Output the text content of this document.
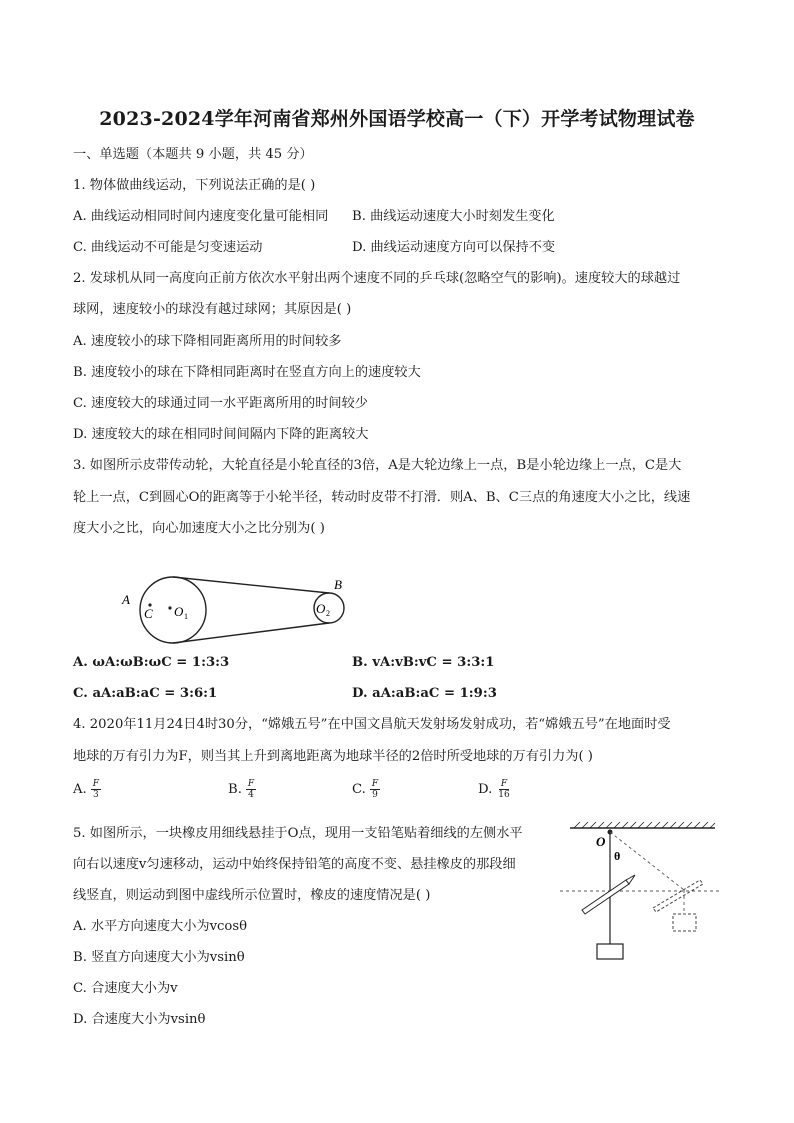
2023-2024学年河南省郑州外国语学校高一（下）开学考试物理试卷
一、单选题（本题共 9 小题，共 45 分）
1. 物体做曲线运动，下列说法正确的是( )
A. 曲线运动相同时间内速度变化量可能相同 B. 曲线运动速度大小时刻发生变化
C. 曲线运动不可能是匀变速运动	D. 曲线运动速度方向可以保持不变
2. 发球机从同一高度向正前方依次水平射出两个速度不同的乒乓球(忽略空气的影响)。速度较大的球越过
球网，速度较小的球没有越过球网；其原因是( )
A. 速度较小的球下降相同距离所用的时间较多
B. 速度较小的球在下降相同距离时在竖直方向上的速度较大
C. 速度较大的球通过同一水平距离所用的时间较少
D. 速度较大的球在相同时间间隔内下降的距离较大
3. 如图所示皮带传动轮，大轮直径是小轮直径的3倍，A是大轮边缘上一点，B是小轮边缘上一点，C是大
轮上一点，C到圆心O的距离等于小轮半径，转动时皮带不打滑．则A、B、C三点的角速度大小之比，线速
度大小之比，向心加速度大小之比分别为( )
A
C O 1
B
O 2
A. ωA:ωB:ωC = 1:3:3	B. vA:vB:vC = 3:3:1
C. aA:aB:aC = 3:6:1	D. aA:aB:aC = 1:9:3
4. 2020年11月24日4时30分，“嫦娥五号”在中国文昌航天发射场发射成功，若“嫦娥五号”在地面时受
地球的万有引力为F，则当其上升到离地距离为地球半径的2倍时所受地球的万有引力为( )
A. $\frac{F}{3}$	B. $\frac{F}{4}$	C. $\frac{F}{9}$	D. $\frac{F}{16}$
5. 如图所示，一块橡皮用细线悬挂于O点，现用一支铅笔贴着细线的左侧水平
向右以速度v匀速移动，运动中始终保持铅笔的高度不变、悬挂橡皮的那段细
线竖直，则运动到图中虚线所示位置时，橡皮的速度情况是( )
A. 水平方向速度大小为vcosθ
B. 竖直方向速度大小为vsinθ
C. 合速度大小为v
D. 合速度大小为vsinθ
O
θ
